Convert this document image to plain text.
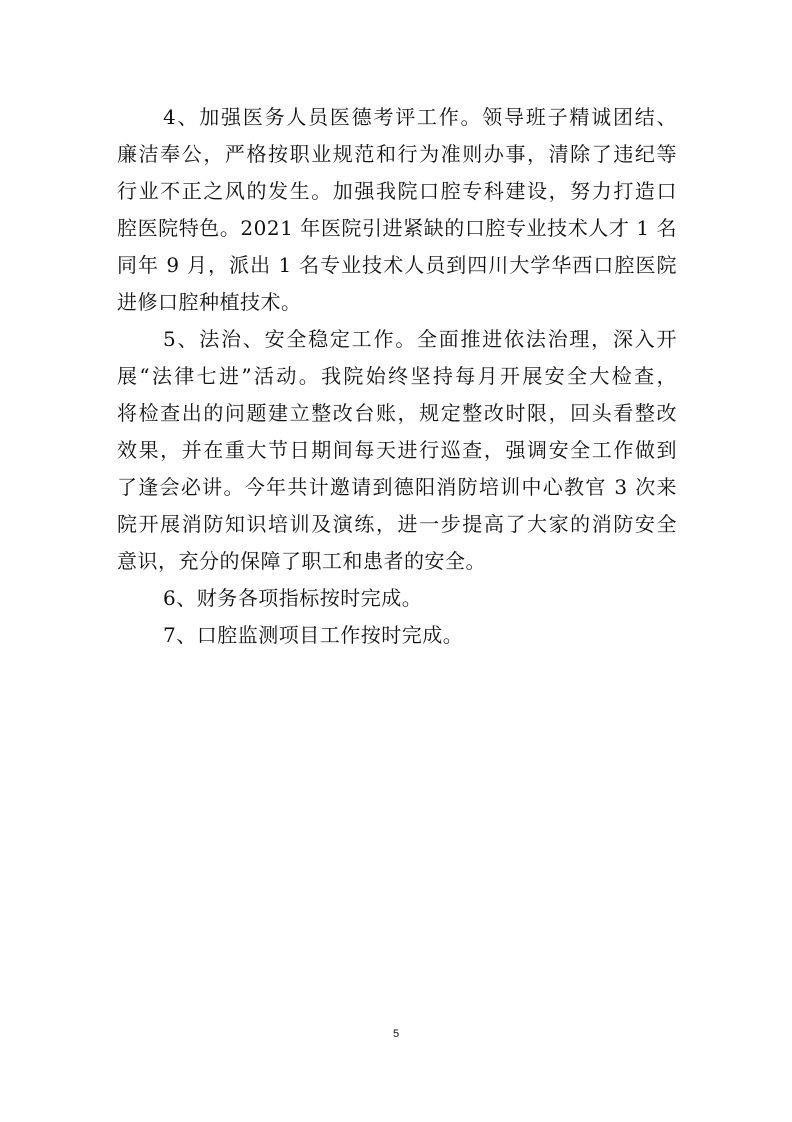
4、加强医务人员医德考评工作。领导班子精诚团结、
廉洁奉公，严格按职业规范和行为准则办事，清除了违纪等
行业不正之风的发生。加强我院口腔专科建设，努力打造口
腔医院特色。2021 年医院引进紧缺的口腔专业技术人才 1 名
同年 9 月，派出 1 名专业技术人员到四川大学华西口腔医院
进修口腔种植技术。
5、法治、安全稳定工作。全面推进依法治理，深入开
展“法律七进”活动。我院始终坚持每月开展安全大检查，
将检查出的问题建立整改台账，规定整改时限，回头看整改
效果，并在重大节日期间每天进行巡查，强调安全工作做到
了逢会必讲。今年共计邀请到德阳消防培训中心教官 3 次来
院开展消防知识培训及演练，进一步提高了大家的消防安全
意识，充分的保障了职工和患者的安全。
6、财务各项指标按时完成。
7、口腔监测项目工作按时完成。
5
